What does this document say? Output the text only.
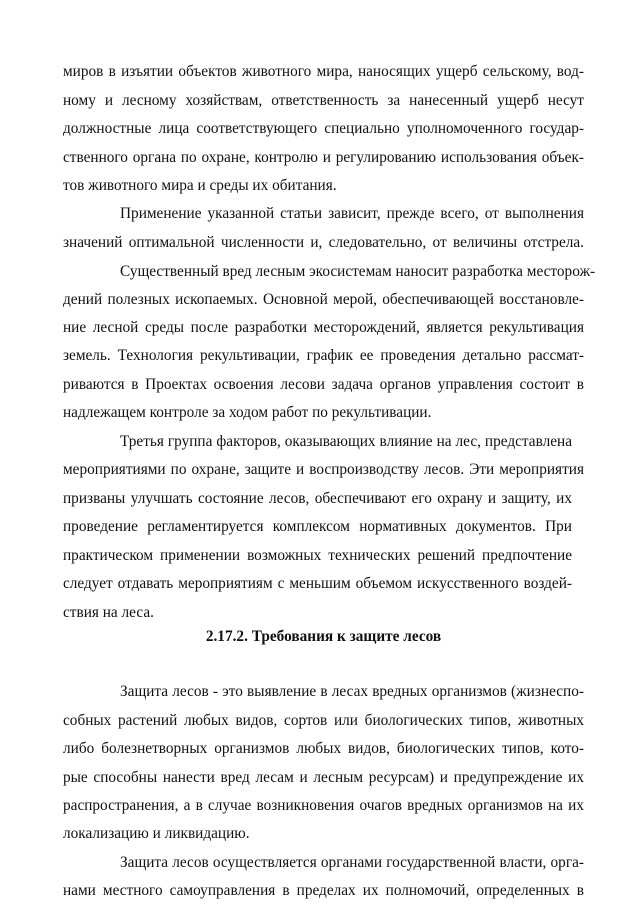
миров в изъятии объектов животного мира, наносящих ущерб сельскому, вод-
ному и лесному хозяйствам, ответственность за нанесенный ущерб несут
должностные лица соответствующего специально уполномоченного государ-
ственного органа по охране, контролю и регулированию использования объек-
тов животного мира и среды их обитания.
Применение указанной статьи зависит, прежде всего, от выполнения
значений оптимальной численности и, следовательно, от величины отстрела.
Существенный вред лесным экосистемам наносит разработка месторож-
дений полезных ископаемых. Основной мерой, обеспечивающей восстановле-
ние лесной среды после разработки месторождений, является рекультивация
земель. Технология рекультивации, график ее проведения детально рассмат-
риваются в Проектах освоения лесови задача органов управления состоит в
надлежащем контроле за ходом работ по рекультивации.
Третья группа факторов, оказывающих влияние на лес, представлена
мероприятиями по охране, защите и воспроизводству лесов. Эти мероприятия
призваны улучшать состояние лесов, обеспечивают его охрану и защиту, их
проведение регламентируется комплексом нормативных документов. При
практическом применении возможных технических решений предпочтение
следует отдавать мероприятиям с меньшим объемом искусственного воздей-
ствия на леса.
2.17.2. Требования к защите лесов
Защита лесов - это выявление в лесах вредных организмов (жизнеспо-
собных растений любых видов, сортов или биологических типов, животных
либо болезнетворных организмов любых видов, биологических типов, кото-
рые способны нанести вред лесам и лесным ресурсам) и предупреждение их
распространения, а в случае возникновения очагов вредных организмов на их
локализацию и ликвидацию.
Защита лесов осуществляется органами государственной власти, орга-
нами местного самоуправления в пределах их полномочий, определенных в
